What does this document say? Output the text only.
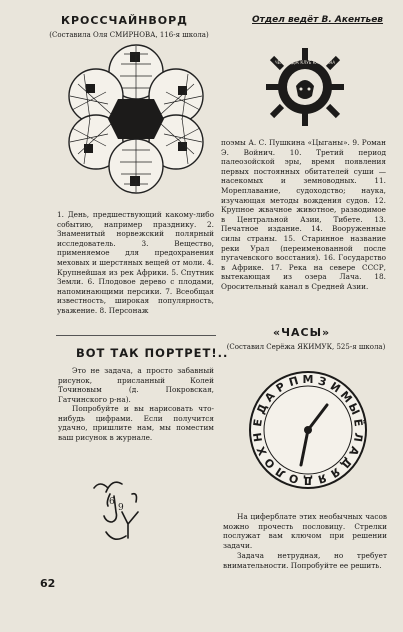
КРОССЧАЙНВОРД	Отдел ведёт В. Акентьев
(Составила Оля СМИРНОВА, 116-я школа)
ЧЕЛЛЕНДЖ КЛУБ КАПИТАНА
1. День, предшествующий какому-либо событию, например празднику. 2. Знаменитый норвежский полярный исследователь. 3. Вещество, применяемое для предохранения меховых и шерстяных вещей от моли. 4. Крупнейшая из рек Африки. 5. Спутник Земли. 6. Плодовое дерево с плодами, напоминающими персики. 7. Всеобщая известность, широкая популярность, уважение. 8. Персонаж
поэмы А. С. Пушкина «Цыганы». 9. Роман Э. Войнич. 10. Третий период палеозойской эры, время появления первых постоянных обитателей суши — насекомых и земноводных. 11. Мореплавание, судоходство; наука, изучающая методы вождения судов. 12. Крупное жвачное животное, разводимое в Центральной Азии, Тибете. 13. Печатное издание. 14. Вооруженные силы страны. 15. Старинное название реки Урал (переименованной после пугачевского восстания). 16. Государство в Африке. 17. Река на севере СССР, вытекающая из озера Лача. 18. Оросительный канал в Средней Азии.
ВОТ ТАК ПОРТРЕТ!..
Это не задача, а просто забавный рисунок, присланный Колей Точиновым (д. Покровская, Гатчинского р-на).
Попробуйте и вы нарисовать что-нибудь цифрами. Если получится удачно, пришлите нам, мы поместим ваш рисунок в журнале.
6
9
«ЧАСЫ»
(Составил Серёжа ЯКИМУК, 525-я школа)
М З И
М
Ы
Ё
Л
А
Д
Я
Я
Д
О
Л
О
Х
Н
Е
Д
А
Р П
На циферблате этих необычных часов можно прочесть пословицу. Стрелки послужат вам ключом при решении задачи.
Задача нетрудная, но требует внимательности. Попробуйте ее решить.
62
